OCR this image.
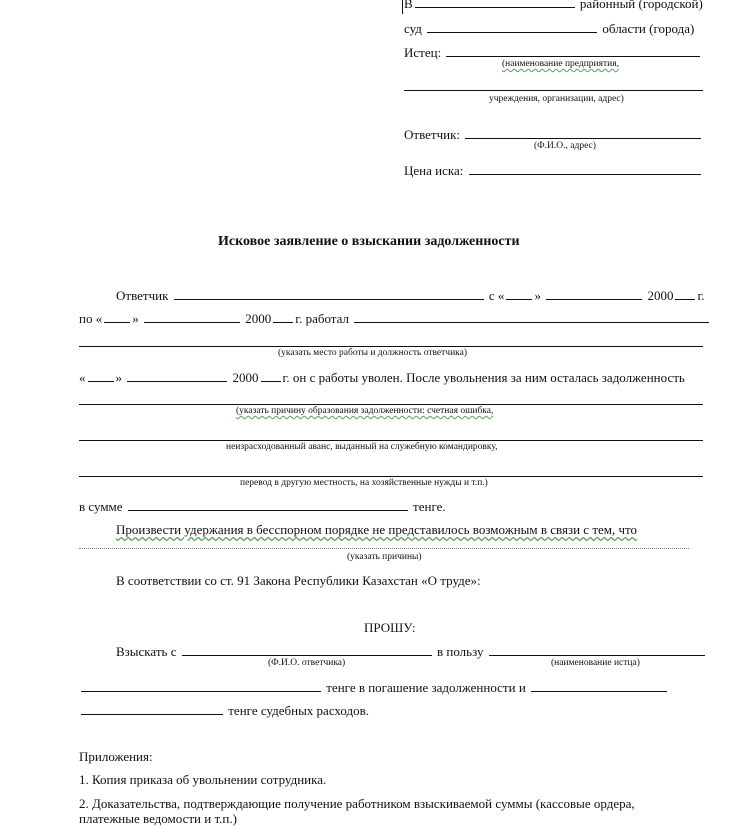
В	районный (городской)
суд	области (города)
Истец:
(наименование предприятия,
учреждения, организации, адрес)
Ответчик:
(Ф.И.О., адрес)
Цена иска:
Исковое заявление о взыскании задолженности
Ответчик	с « »	2000 г.
по « »	2000 г. работал
(указать место работы и должность ответчика)
« »	2000 г. он с работы уволен. После увольнения за ним осталась задолженность
(указать причину образования задолженности: счетная ошибка,
неизрасходованный аванс, выданный на служебную командировку,
перевод в другую местность, на хозяйственные нужды и т.п.)
в сумме	тенге.
Произвести удержания в бесспорном порядке не представилось возможным в связи с тем, что
(указать причины)
В соответствии со ст. 91 Закона Республики Казахстан «О труде»:
ПРОШУ:
Взыскать с	в пользу
(Ф.И.О. ответчика)	(наименование истца)
тенге в погашение задолженности и
тенге судебных расходов.
Приложения:
1. Копия приказа об увольнении сотрудника.
2. Доказательства, подтверждающие получение работником взыскиваемой суммы (кассовые ордера,
платежные ведомости и т.п.)
